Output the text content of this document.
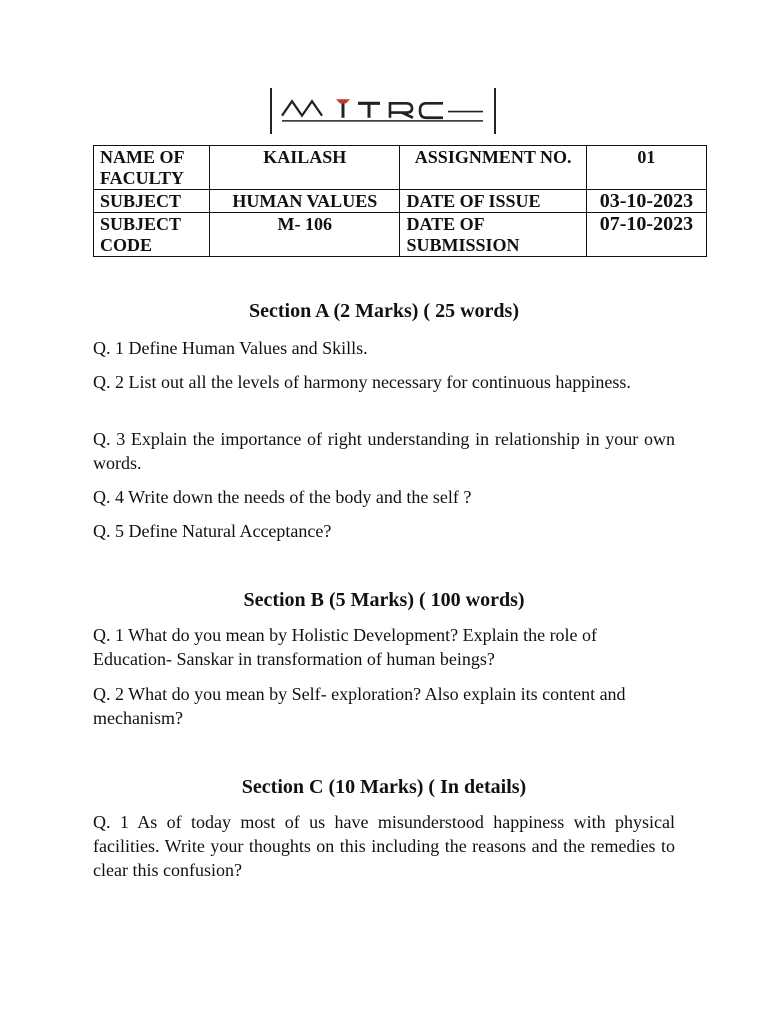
NAME OF FACULTY	KAILASH	ASSIGNMENT NO.	01
SUBJECT	HUMAN VALUES	DATE OF ISSUE	03-10-2023
SUBJECT CODE	M- 106	DATE OF SUBMISSION	07-10-2023
Section A (2 Marks) ( 25 words)
Q. 1 Define Human Values and Skills.
Q. 2 List out all the levels of harmony necessary for continuous happiness.
Q. 3 Explain the importance of right understanding in relationship in your own words.
Q. 4 Write down the needs of the body and the self ?
Q. 5 Define Natural Acceptance?
Section B (5 Marks) ( 100 words)
Q. 1 What do you mean by Holistic Development? Explain the role of Education- Sanskar in transformation of human beings?
Q. 2 What do you mean by Self- exploration? Also explain its content and mechanism?
Section C (10 Marks) ( In details)
Q. 1 As of today most of us have misunderstood happiness with physical facilities. Write your thoughts on this including the reasons and the remedies to clear this confusion?
